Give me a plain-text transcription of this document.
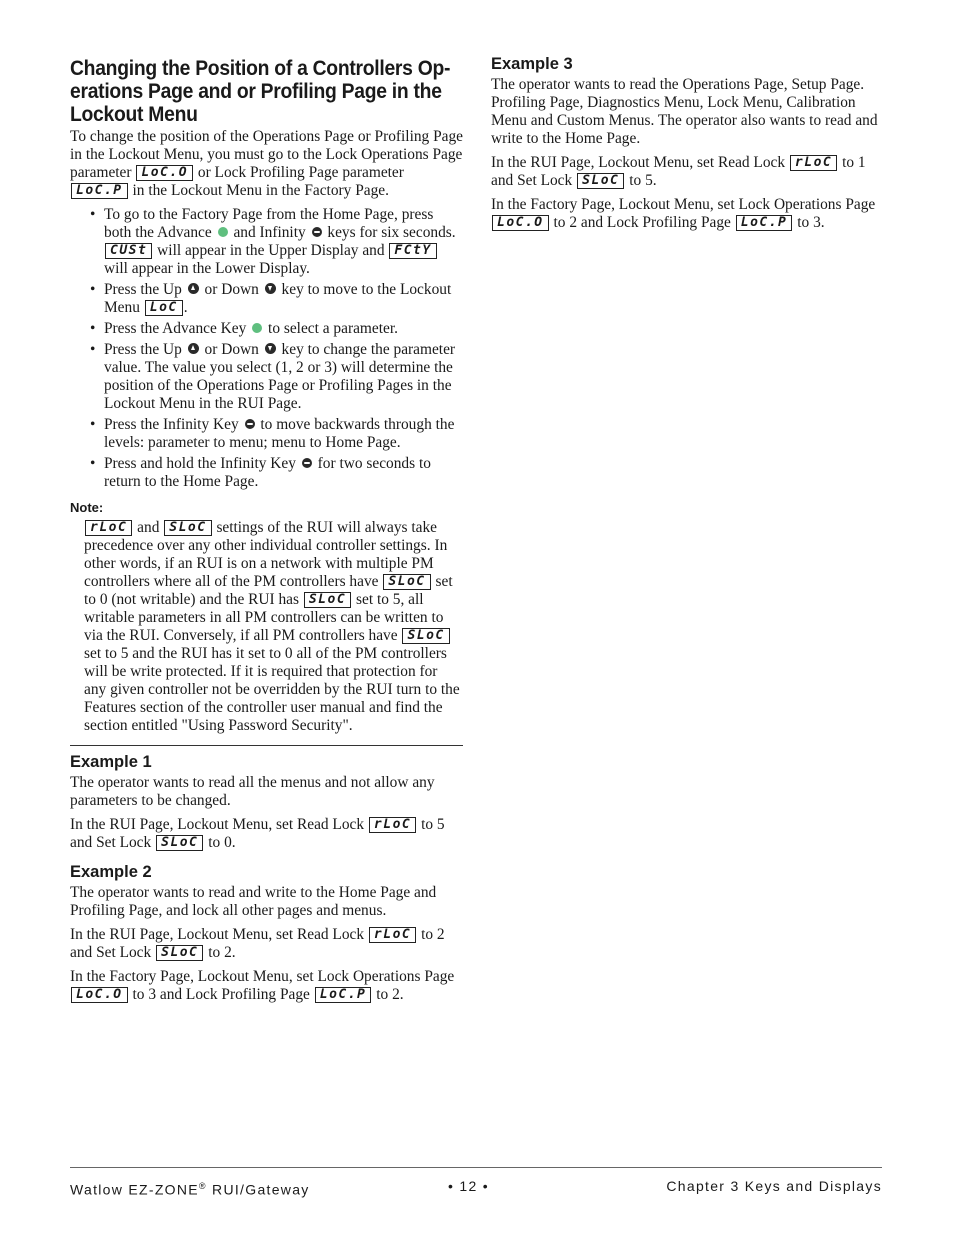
Changing the Position of a Controllers Op-
erations Page and or Profiling Page in the
Lockout Menu

To change the position of the Operations Page or Profiling Page in the Lockout Menu, you must go to the Lock Operations Page parameter LoC.O or Lock Profiling Page parameter LoC.P in the Lockout Menu in the Factory Page.

• To go to the Factory Page from the Home Page, press both the Advance and Infinity keys for six seconds. CUSt will appear in the Upper Display and FCtY will appear in the Lower Display.
• Press the Up or Down key to move to the Lockout Menu LoC .
• Press the Advance Key to select a parameter.
• Press the Up or Down key to change the parameter value. The value you select (1, 2 or 3) will determine the position of the Operations Page or Profiling Pages in the Lockout Menu in the RUI Page.
• Press the Infinity Key to move backwards through the levels: parameter to menu; menu to Home Page.
• Press and hold the Infinity Key for two seconds to return to the Home Page.
Note:
rLoC and SLoC settings of the RUI will always take precedence over any other individual controller settings. In other words, if an RUI is on a network with multiple PM controllers where all of the PM controllers have SLoC set to 0 (not writable) and the RUI has SLoC set to 5, all writable parameters in all PM controllers can be written to via the RUI. Conversely, if all PM controllers have SLoC set to 5 and the RUI has it set to 0 all of the PM controllers will be write protected. If it is required that protection for any given controller not be overridden by the RUI turn to the Features section of the controller user manual and find the section entitled "Using Password Security".
Example 1

The operator wants to read all the menus and not allow any parameters to be changed.

In the RUI Page, Lockout Menu, set Read Lock rLoC to 5 and Set Lock SLoC to 0.

Example 2

The operator wants to read and write to the Home Page and Profiling Page, and lock all other pages and menus.

In the RUI Page, Lockout Menu, set Read Lock rLoC to 2 and Set Lock SLoC to 2.

In the Factory Page, Lockout Menu, set Lock Operations Page LoC.O to 3 and Lock Profiling Page LoC.P to 2.

Example 3

The operator wants to read the Operations Page, Setup Page. Profiling Page, Diagnostics Menu, Lock Menu, Calibration Menu and Custom Menus. The operator also wants to read and write to the Home Page.

In the RUI Page, Lockout Menu, set Read Lock rLoC to 1 and Set Lock SLoC to 5.

In the Factory Page, Lockout Menu, set Lock Operations Page LoC.O to 2 and Lock Profiling Page LoC.P to 3.

Watlow EZ-ZONE® RUI/Gateway	• 12 •	Chapter 3 Keys and Displays
